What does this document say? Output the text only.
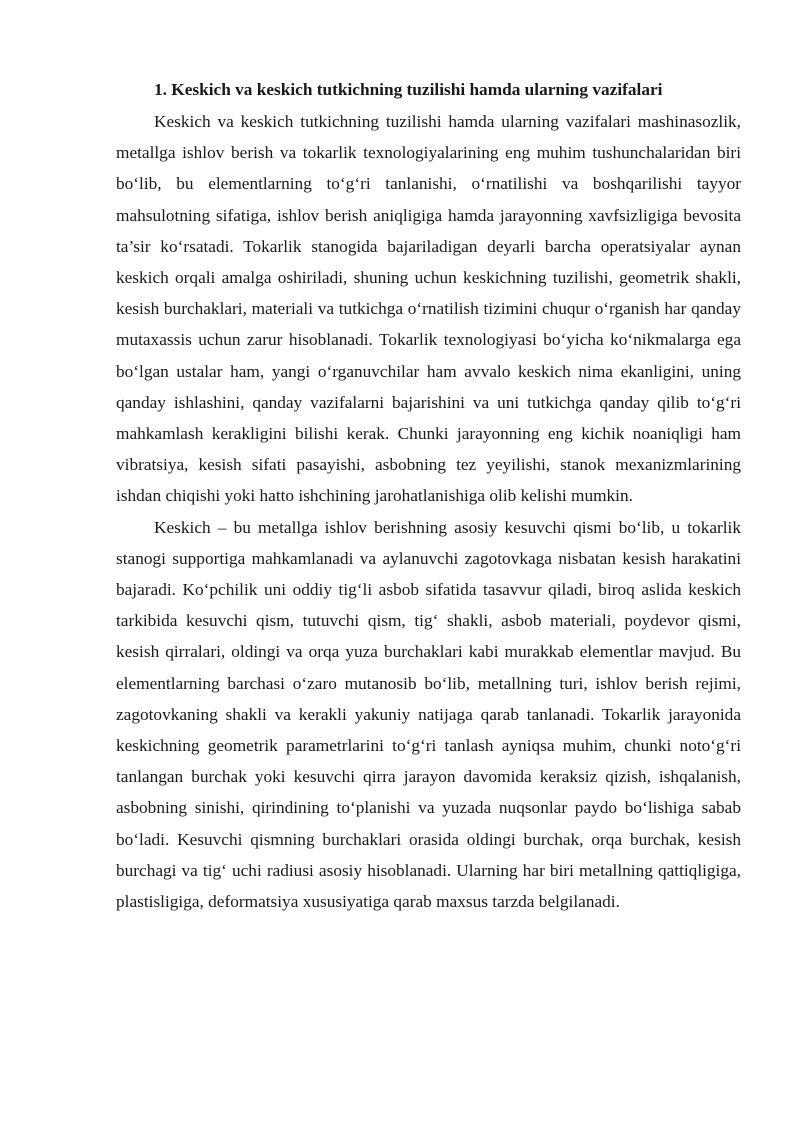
1. Keskich va keskich tutkichning tuzilishi hamda ularning vazifalari

Keskich va keskich tutkichning tuzilishi hamda ularning vazifalari mashinasozlik, metallga ishlov berish va tokarlik texnologiyalarining eng muhim tushunchalaridan biri bo‘lib, bu elementlarning to‘g‘ri tanlanishi, o‘rnatilishi va boshqarilishi tayyor mahsulotning sifatiga, ishlov berish aniqligiga hamda jarayonning xavfsizligiga bevosita ta’sir ko‘rsatadi. Tokarlik stanogida bajariladigan deyarli barcha operatsiyalar aynan keskich orqali amalga oshiriladi, shuning uchun keskichning tuzilishi, geometrik shakli, kesish burchaklari, materiali va tutkichga o‘rnatilish tizimini chuqur o‘rganish har qanday mutaxassis uchun zarur hisoblanadi. Tokarlik texnologiyasi bo‘yicha ko‘nikmalarga ega bo‘lgan ustalar ham, yangi o‘rganuvchilar ham avvalo keskich nima ekanligini, uning qanday ishlashini, qanday vazifalarni bajarishini va uni tutkichga qanday qilib to‘g‘ri mahkamlash kerakligini bilishi kerak. Chunki jarayonning eng kichik noaniqligi ham vibratsiya, kesish sifati pasayishi, asbobning tez yeyilishi, stanok mexanizmlarining ishdan chiqishi yoki hatto ishchining jarohatlanishiga olib kelishi mumkin.

Keskich – bu metallga ishlov berishning asosiy kesuvchi qismi bo‘lib, u tokarlik stanogi supportiga mahkamlanadi va aylanuvchi zagotovkaga nisbatan kesish harakatini bajaradi. Ko‘pchilik uni oddiy tig‘li asbob sifatida tasavvur qiladi, biroq aslida keskich tarkibida kesuvchi qism, tutuvchi qism, tig‘ shakli, asbob materiali, poydevor qismi, kesish qirralari, oldingi va orqa yuza burchaklari kabi murakkab elementlar mavjud. Bu elementlarning barchasi o‘zaro mutanosib bo‘lib, metallning turi, ishlov berish rejimi, zagotovkaning shakli va kerakli yakuniy natijaga qarab tanlanadi. Tokarlik jarayonida keskichning geometrik parametrlarini to‘g‘ri tanlash ayniqsa muhim, chunki noto‘g‘ri tanlangan burchak yoki kesuvchi qirra jarayon davomida keraksiz qizish, ishqalanish, asbobning sinishi, qirindining to‘planishi va yuzada nuqsonlar paydo bo‘lishiga sabab bo‘ladi. Kesuvchi qismning burchaklari orasida oldingi burchak, orqa burchak, kesish burchagi va tig‘ uchi radiusi asosiy hisoblanadi. Ularning har biri metallning qattiqligiga, plastisligiga, deformatsiya xususiyatiga qarab maxsus tarzda belgilanadi.
